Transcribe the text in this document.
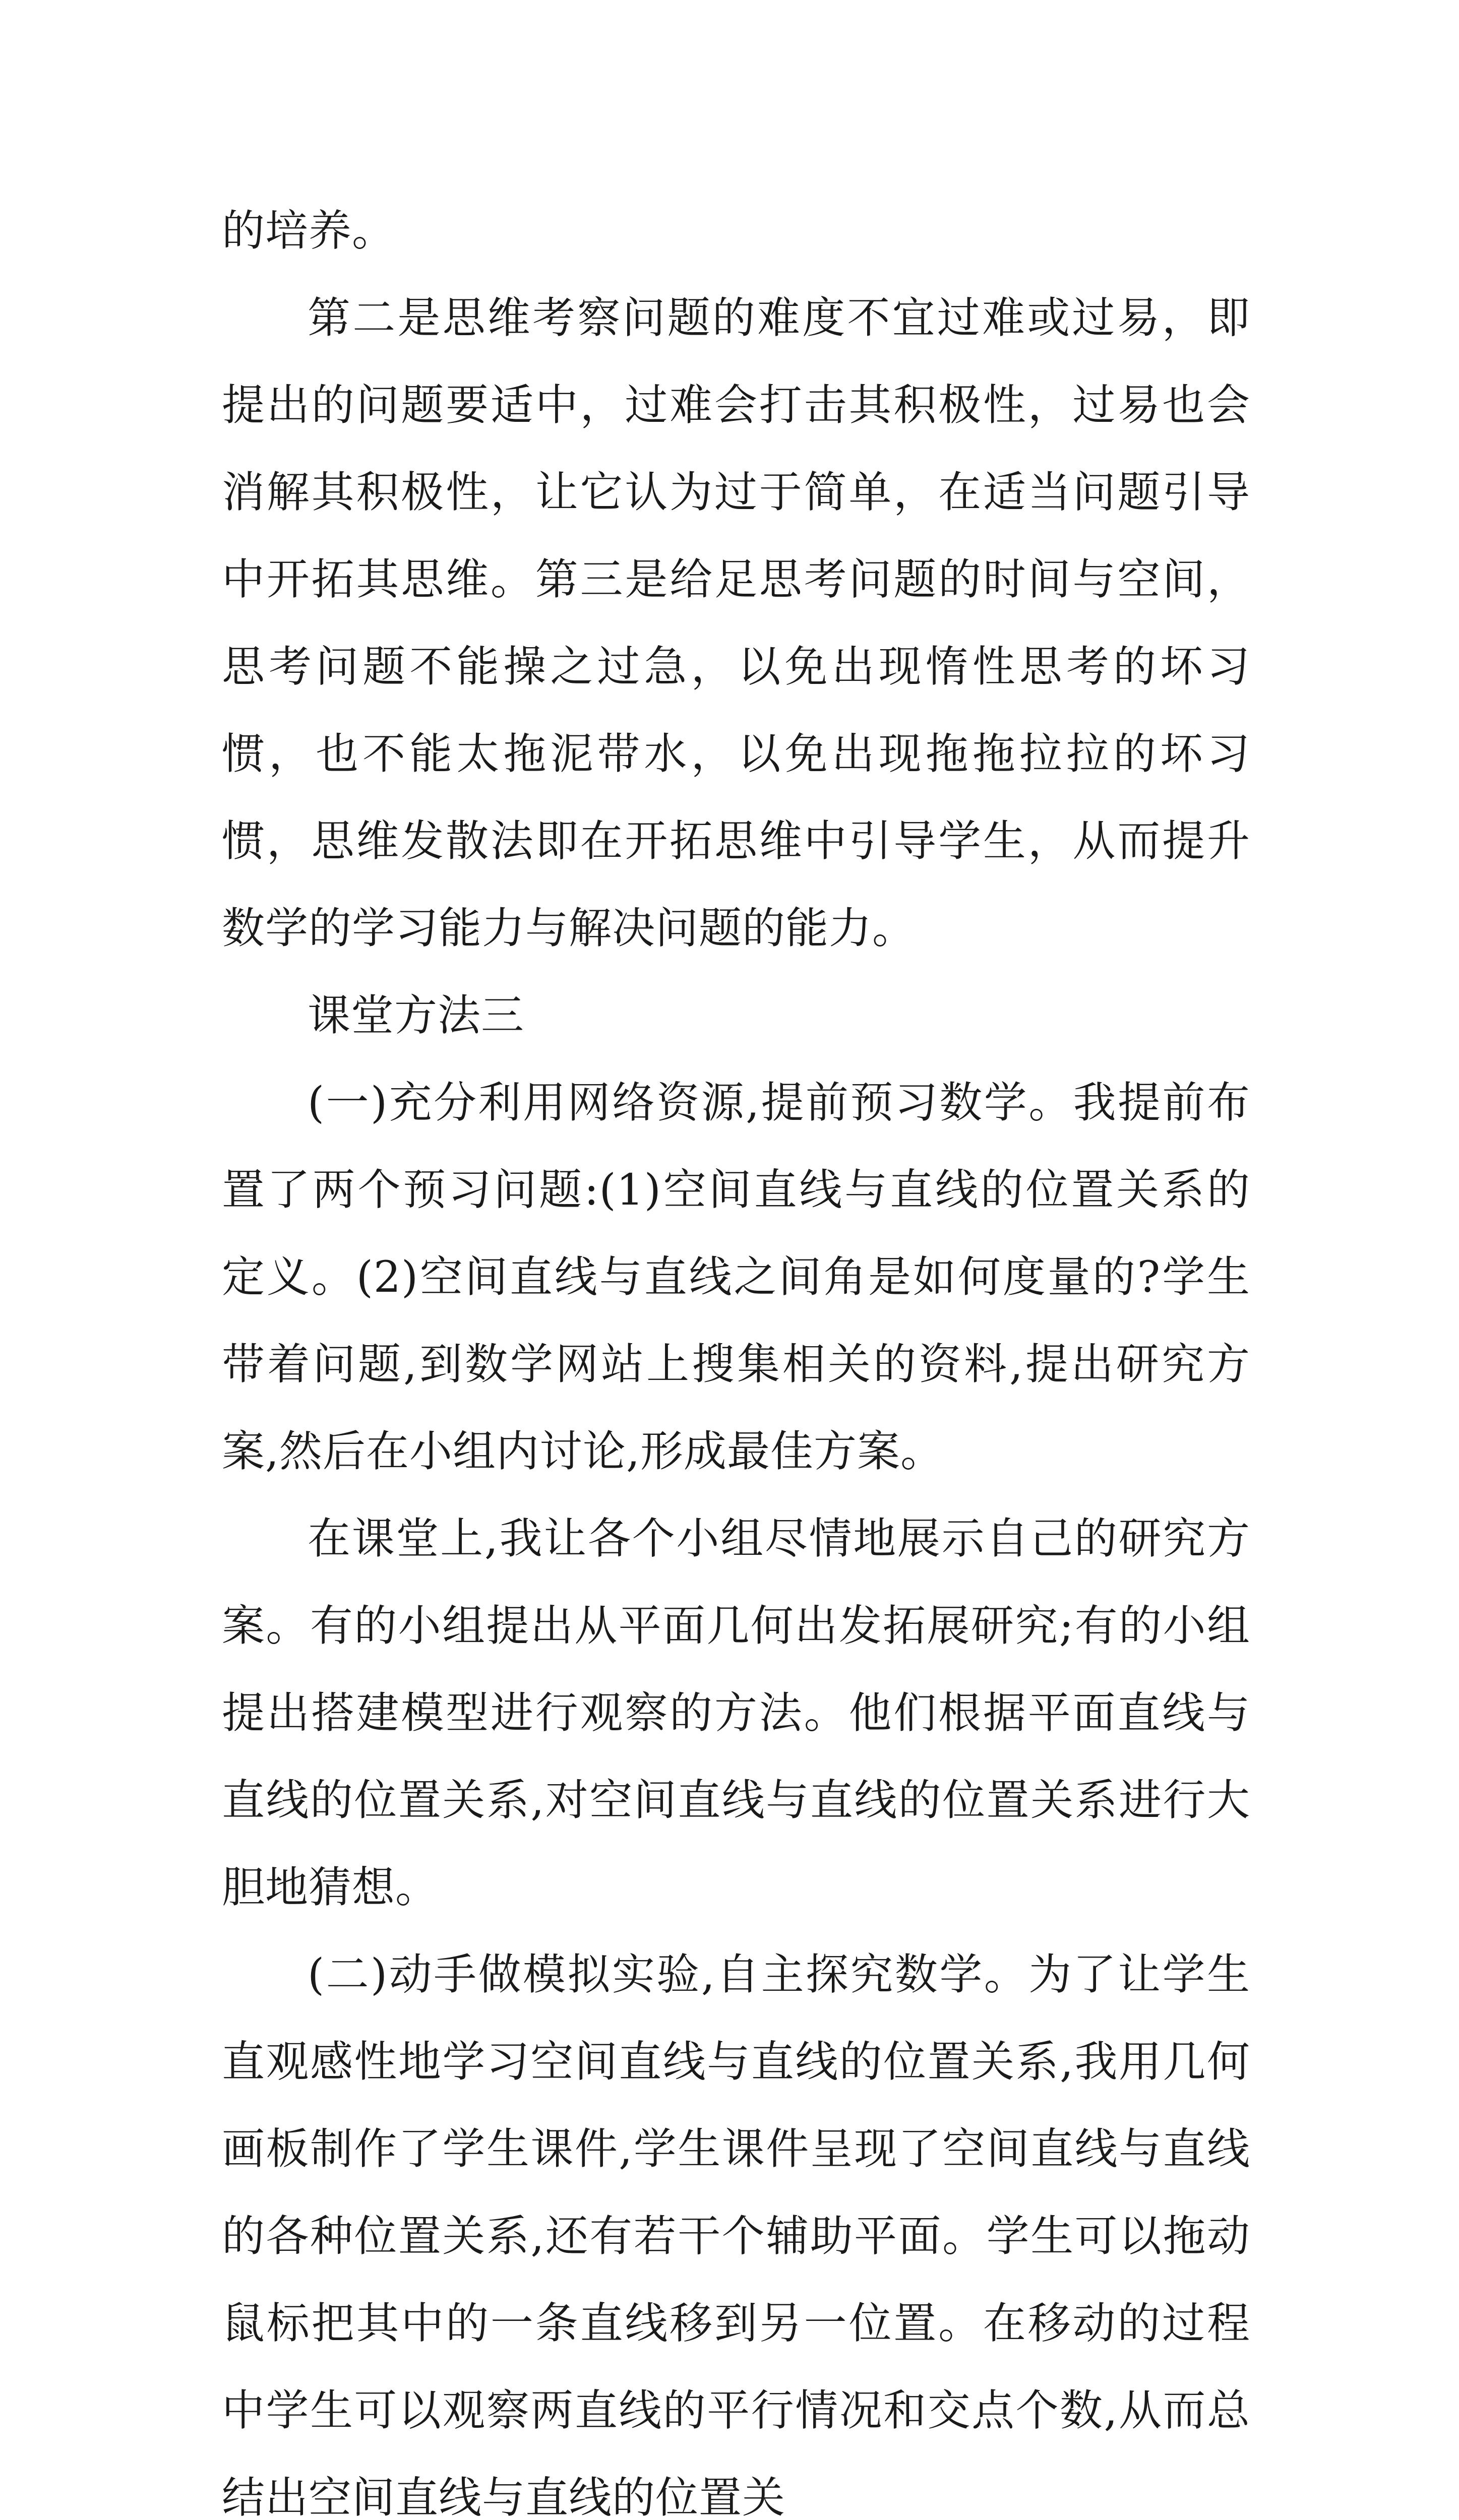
的培养。

第二是思维考察问题的难度不宜过难或过易，即提出的问题要适中，过难会打击其积极性，过易也会消解其积极性，让它认为过于简单，在适当问题引导中开拓其思维。第三是给足思考问题的时间与空间，思考问题不能操之过急，以免出现惰性思考的坏习惯，也不能太拖泥带水，以免出现拖拖拉拉的坏习惯，思维发散法即在开拓思维中引导学生，从而提升数学的学习能力与解决问题的能力。

课堂方法三

(一)充分利用网络资源,提前预习数学。我提前布置了两个预习问题:(1)空间直线与直线的位置关系的定义。(2)空间直线与直线之间角是如何度量的?学生带着问题,到数学网站上搜集相关的资料,提出研究方案,然后在小组内讨论,形成最佳方案。

在课堂上,我让各个小组尽情地展示自己的研究方案。有的小组提出从平面几何出发拓展研究;有的小组提出搭建模型进行观察的方法。他们根据平面直线与直线的位置关系,对空间直线与直线的位置关系进行大胆地猜想。

(二)动手做模拟实验,自主探究数学。为了让学生直观感性地学习空间直线与直线的位置关系,我用几何画板制作了学生课件,学生课件呈现了空间直线与直线的各种位置关系,还有若干个辅助平面。学生可以拖动鼠标把其中的一条直线移到另一位置。在移动的过程中学生可以观察两直线的平行情况和交点个数,从而总结出空间直线与直线的位置关
